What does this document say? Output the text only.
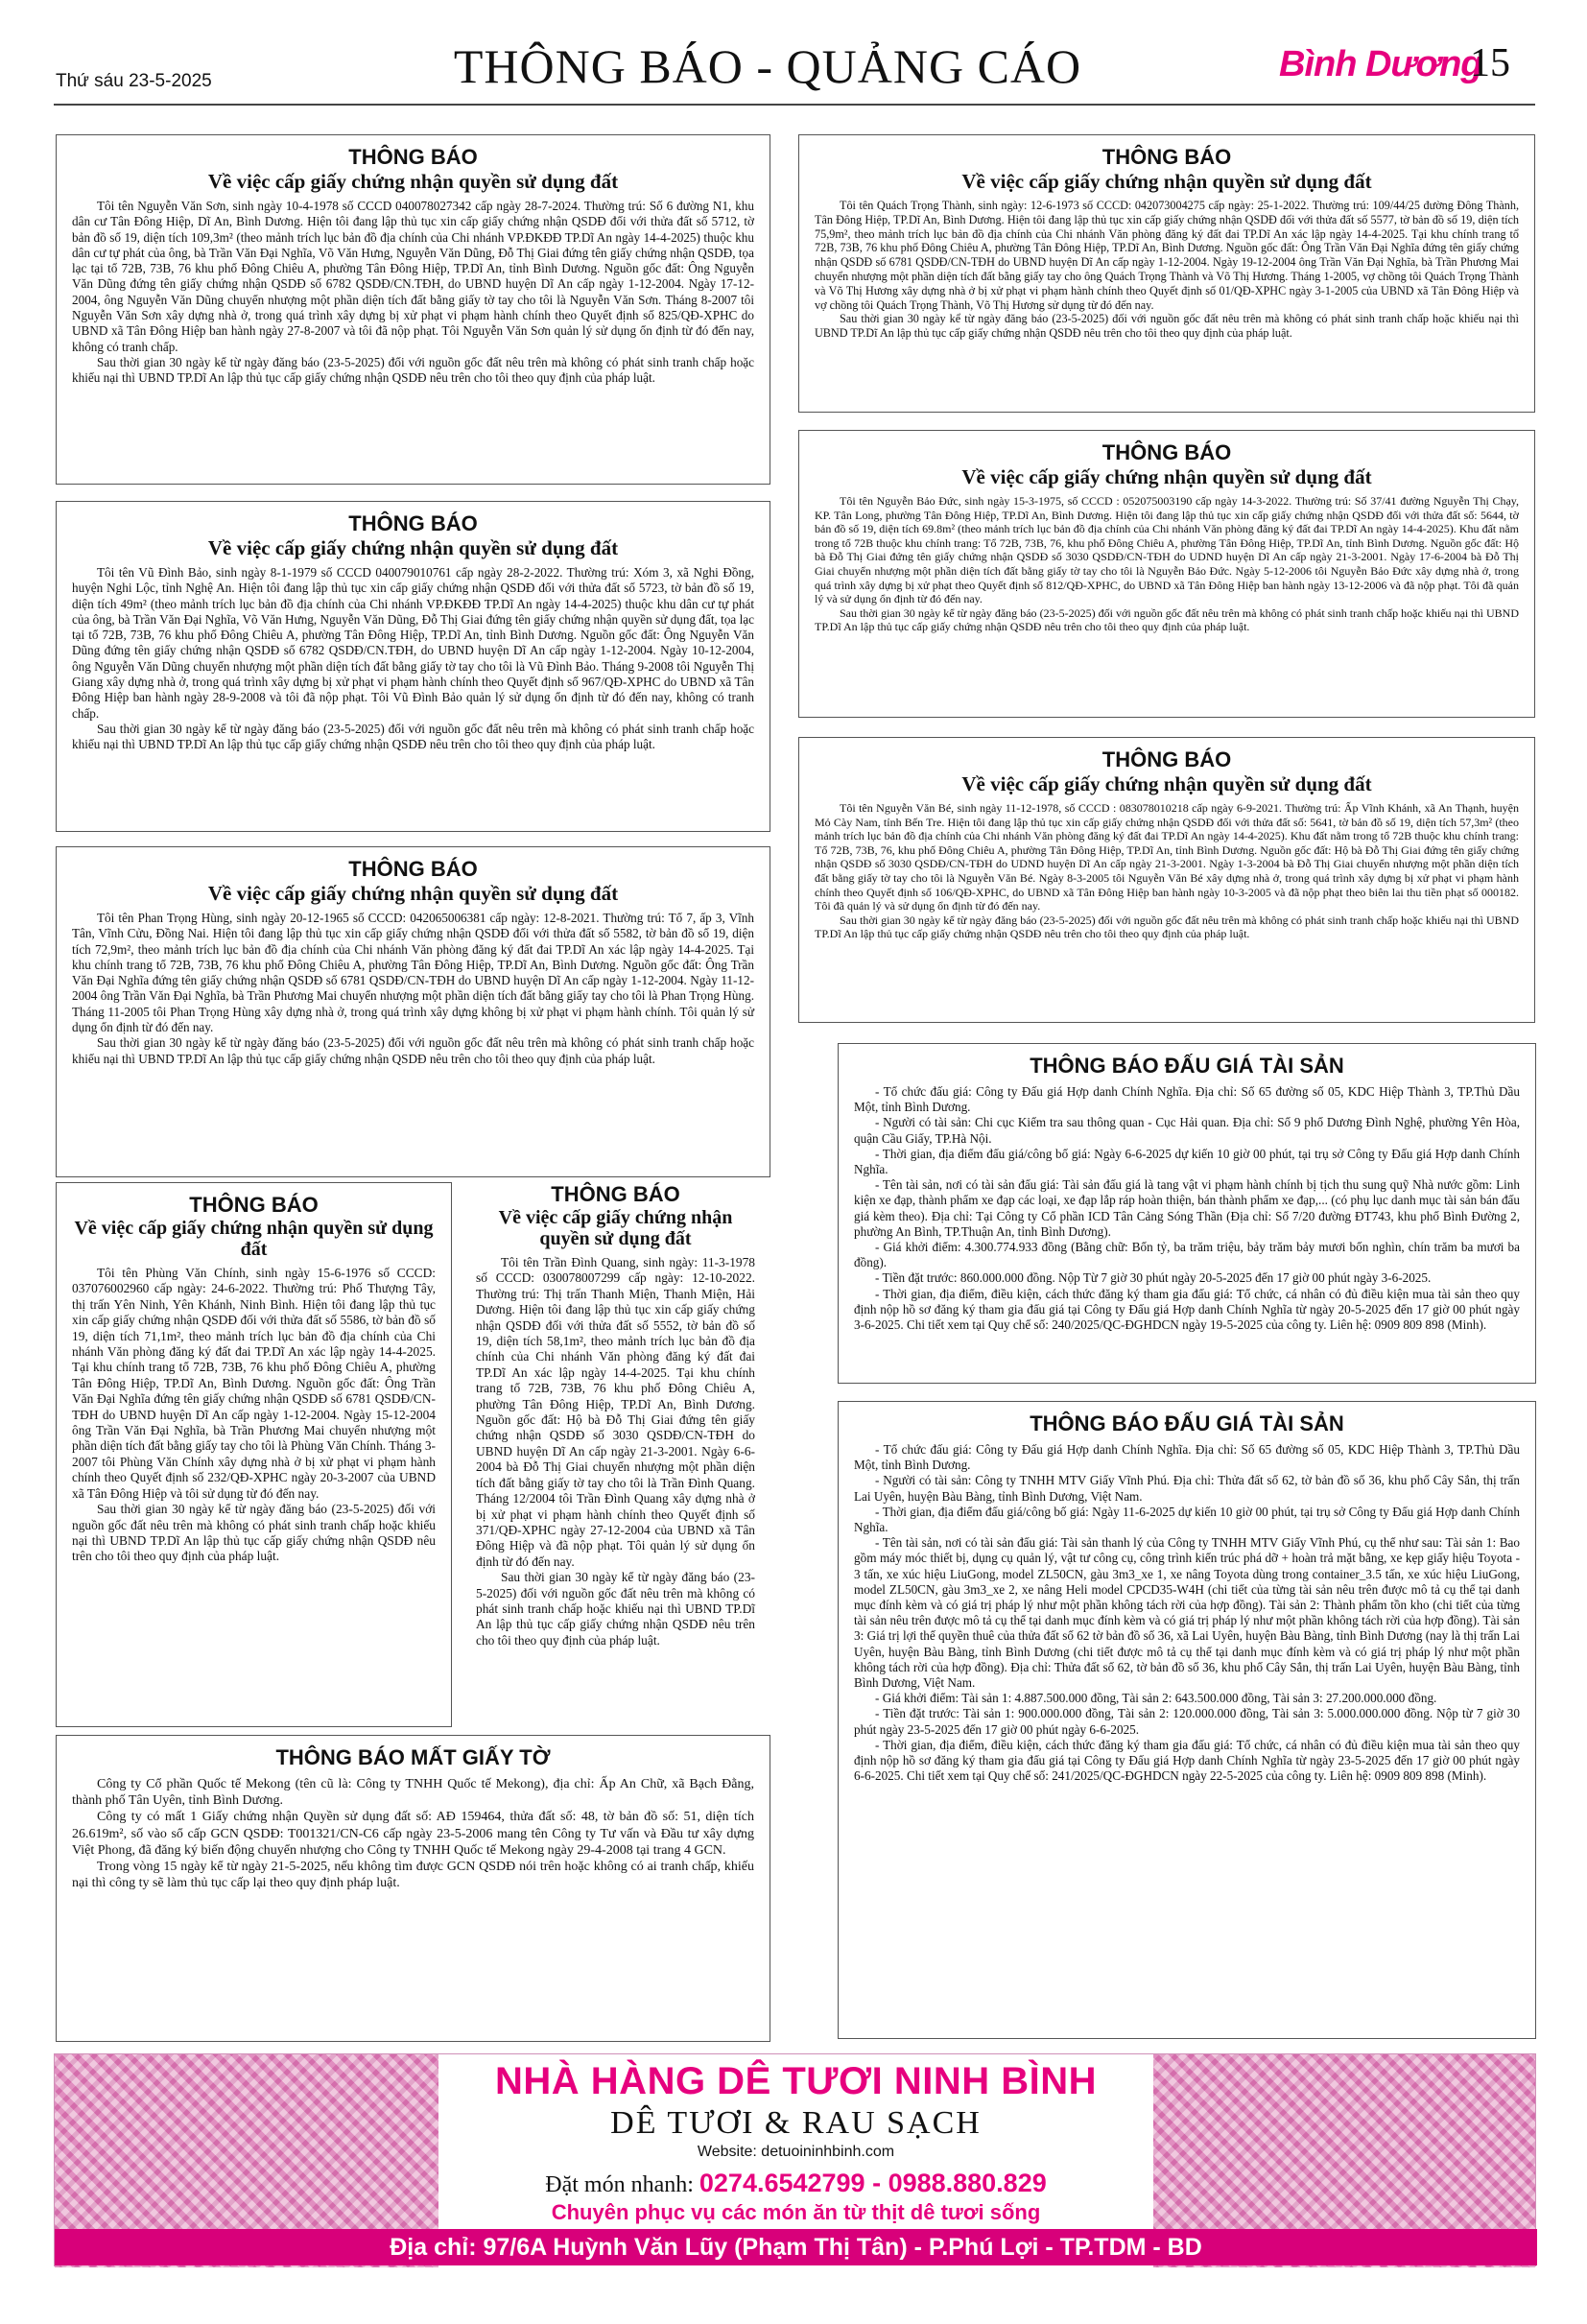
Thứ sáu 23-5-2025	THÔNG BÁO - QUẢNG CÁO	Bình Dương
15
THÔNG BÁO
Về việc cấp giấy chứng nhận quyền sử dụng đất

Tôi tên Nguyễn Văn Sơn, sinh ngày 10-4-1978 số CCCD 040078027342 cấp ngày 28-7-2024. Thường trú: Số 6 đường N1, khu dân cư Tân Đông Hiệp, Dĩ An, Bình Dương. Hiện tôi đang lập thủ tục xin cấp giấy chứng nhận QSDĐ đối với thửa đất số 5712, tờ bản đồ số 19, diện tích 109,3m² (theo mảnh trích lục bản đồ địa chính của Chi nhánh VP.ĐKĐĐ TP.Dĩ An ngày 14-4-2025) thuộc khu dân cư tự phát của ông, bà Trần Văn Đại Nghĩa, Võ Văn Hưng, Nguyễn Văn Dũng, Đỗ Thị Giai đứng tên giấy chứng nhận QSDĐ, tọa lạc tại tổ 72B, 73B, 76 khu phố Đông Chiêu A, phường Tân Đông Hiệp, TP.Dĩ An, tỉnh Bình Dương. Nguồn gốc đất: Ông Nguyễn Văn Dũng đứng tên giấy chứng nhận QSDĐ số 6782 QSDĐ/CN.TĐH, do UBND huyện Dĩ An cấp ngày 1-12-2004. Ngày 17-12-2004, ông Nguyễn Văn Dũng chuyển nhượng một phần diện tích đất bằng giấy tờ tay cho tôi là Nguyễn Văn Sơn. Tháng 8-2007 tôi Nguyễn Văn Sơn xây dựng nhà ở, trong quá trình xây dựng bị xử phạt vi phạm hành chính theo Quyết định số 825/QĐ-XPHC do UBND xã Tân Đông Hiệp ban hành ngày 27-8-2007 và tôi đã nộp phạt. Tôi Nguyễn Văn Sơn quản lý sử dụng ổn định từ đó đến nay, không có tranh chấp.

Sau thời gian 30 ngày kể từ ngày đăng báo (23-5-2025) đối với nguồn gốc đất nêu trên mà không có phát sinh tranh chấp hoặc khiếu nại thì UBND TP.Dĩ An lập thủ tục cấp giấy chứng nhận QSDĐ nêu trên cho tôi theo quy định của pháp luật.

THÔNG BÁO
Về việc cấp giấy chứng nhận quyền sử dụng đất

Tôi tên Vũ Đình Bảo, sinh ngày 8-1-1979 số CCCD 040079010761 cấp ngày 28-2-2022. Thường trú: Xóm 3, xã Nghi Đồng, huyện Nghi Lộc, tỉnh Nghệ An. Hiện tôi đang lập thủ tục xin cấp giấy chứng nhận QSDĐ đối với thửa đất số 5723, tờ bản đồ số 19, diện tích 49m² (theo mảnh trích lục bản đồ địa chính của Chi nhánh VP.ĐKĐĐ TP.Dĩ An ngày 14-4-2025) thuộc khu dân cư tự phát của ông, bà Trần Văn Đại Nghĩa, Võ Văn Hưng, Nguyễn Văn Dũng, Đỗ Thị Giai đứng tên giấy chứng nhận quyền sử dụng đất, tọa lạc tại tổ 72B, 73B, 76 khu phố Đông Chiêu A, phường Tân Đông Hiệp, TP.Dĩ An, tỉnh Bình Dương. Nguồn gốc đất: Ông Nguyễn Văn Dũng đứng tên giấy chứng nhận QSDĐ số 6782 QSDĐ/CN.TĐH, do UBND huyện Dĩ An cấp ngày 1-12-2004. Ngày 10-12-2004, ông Nguyễn Văn Dũng chuyển nhượng một phần diện tích đất bằng giấy tờ tay cho tôi là Vũ Đình Bảo. Tháng 9-2008 tôi Nguyễn Thị Giang xây dựng nhà ở, trong quá trình xây dựng bị xử phạt vi phạm hành chính theo Quyết định số 967/QĐ-XPHC do UBND xã Tân Đông Hiệp ban hành ngày 28-9-2008 và tôi đã nộp phạt. Tôi Vũ Đình Bảo quản lý sử dụng ổn định từ đó đến nay, không có tranh chấp.

Sau thời gian 30 ngày kể từ ngày đăng báo (23-5-2025) đối với nguồn gốc đất nêu trên mà không có phát sinh tranh chấp hoặc khiếu nại thì UBND TP.Dĩ An lập thủ tục cấp giấy chứng nhận QSDĐ nêu trên cho tôi theo quy định của pháp luật.

THÔNG BÁO
Về việc cấp giấy chứng nhận quyền sử dụng đất

Tôi tên Phan Trọng Hùng, sinh ngày 20-12-1965 số CCCD: 042065006381 cấp ngày: 12-8-2021. Thường trú: Tổ 7, ấp 3, Vĩnh Tân, Vĩnh Cửu, Đồng Nai. Hiện tôi đang lập thủ tục xin cấp giấy chứng nhận QSDĐ đối với thửa đất số 5582, tờ bản đồ số 19, diện tích 72,9m², theo mảnh trích lục bản đồ địa chính của Chi nhánh Văn phòng đăng ký đất đai TP.Dĩ An xác lập ngày 14-4-2025. Tại khu chính trang tổ 72B, 73B, 76 khu phố Đông Chiêu A, phường Tân Đông Hiệp, TP.Dĩ An, Bình Dương. Nguồn gốc đất: Ông Trần Văn Đại Nghĩa đứng tên giấy chứng nhận QSDĐ số 6781 QSDĐ/CN-TĐH do UBND huyện Dĩ An cấp ngày 1-12-2004. Ngày 11-12-2004 ông Trần Văn Đại Nghĩa, bà Trần Phương Mai chuyển nhượng một phần diện tích đất bằng giấy tay cho tôi là Phan Trọng Hùng. Tháng 11-2005 tôi Phan Trọng Hùng xây dựng nhà ở, trong quá trình xây dựng không bị xử phạt vi phạm hành chính. Tôi quản lý sử dụng ổn định từ đó đến nay.

Sau thời gian 30 ngày kể từ ngày đăng báo (23-5-2025) đối với nguồn gốc đất nêu trên mà không có phát sinh tranh chấp hoặc khiếu nại thì UBND TP.Dĩ An lập thủ tục cấp giấy chứng nhận QSDĐ nêu trên cho tôi theo quy định của pháp luật.

THÔNG BÁO
Về việc cấp giấy chứng nhận quyền sử dụng đất

Tôi tên Phùng Văn Chính, sinh ngày 15-6-1976 số CCCD: 037076002960 cấp ngày: 24-6-2022. Thường trú: Phố Thượng Tây, thị trấn Yên Ninh, Yên Khánh, Ninh Bình. Hiện tôi đang lập thủ tục xin cấp giấy chứng nhận QSDĐ đối với thửa đất số 5586, tờ bản đồ số 19, diện tích 71,1m², theo mảnh trích lục bản đồ địa chính của Chi nhánh Văn phòng đăng ký đất đai TP.Dĩ An xác lập ngày 14-4-2025. Tại khu chính trang tổ 72B, 73B, 76 khu phố Đông Chiêu A, phường Tân Đông Hiệp, TP.Dĩ An, Bình Dương. Nguồn gốc đất: Ông Trần Văn Đại Nghĩa đứng tên giấy chứng nhận QSDĐ số 6781 QSDĐ/CN-TĐH do UBND huyện Dĩ An cấp ngày 1-12-2004. Ngày 15-12-2004 ông Trần Văn Đại Nghĩa, bà Trần Phương Mai chuyển nhượng một phần diện tích đất bằng giấy tay cho tôi là Phùng Văn Chính. Tháng 3-2007 tôi Phùng Văn Chính xây dựng nhà ở bị xử phạt vi phạm hành chính theo Quyết định số 232/QĐ-XPHC ngày 20-3-2007 của UBND xã Tân Đông Hiệp và tôi sử dụng từ đó đến nay.

Sau thời gian 30 ngày kể từ ngày đăng báo (23-5-2025) đối với nguồn gốc đất nêu trên mà không có phát sinh tranh chấp hoặc khiếu nại thì UBND TP.Dĩ An lập thủ tục cấp giấy chứng nhận QSDĐ nêu trên cho tôi theo quy định của pháp luật.

THÔNG BÁO
Về việc cấp giấy chứng nhận quyền sử dụng đất

Tôi tên Trần Đình Quang, sinh ngày: 11-3-1978 số CCCD: 030078007299 cấp ngày: 12-10-2022. Thường trú: Thị trấn Thanh Miện, Thanh Miện, Hải Dương. Hiện tôi đang lập thủ tục xin cấp giấy chứng nhận QSDĐ đối với thửa đất số 5552, tờ bản đồ số 19, diện tích 58,1m², theo mảnh trích lục bản đồ địa chính của Chi nhánh Văn phòng đăng ký đất đai TP.Dĩ An xác lập ngày 14-4-2025. Tại khu chính trang tổ 72B, 73B, 76 khu phố Đông Chiêu A, phường Tân Đông Hiệp, TP.Dĩ An, Bình Dương. Nguồn gốc đất: Hộ bà Đỗ Thị Giai đứng tên giấy chứng nhận QSDĐ số 3030 QSDĐ/CN-TĐH do UBND huyện Dĩ An cấp ngày 21-3-2001. Ngày 6-6-2004 bà Đỗ Thị Giai chuyển nhượng một phần diện tích đất bằng giấy tờ tay cho tôi là Trần Đình Quang. Tháng 12/2004 tôi Trần Đình Quang xây dựng nhà ở bị xử phạt vi phạm hành chính theo Quyết định số 371/QĐ-XPHC ngày 27-12-2004 của UBND xã Tân Đông Hiệp và đã nộp phạt. Tôi quản lý sử dụng ổn định từ đó đến nay.

Sau thời gian 30 ngày kể từ ngày đăng báo (23-5-2025) đối với nguồn gốc đất nêu trên mà không có phát sinh tranh chấp hoặc khiếu nại thì UBND TP.Dĩ An lập thủ tục cấp giấy chứng nhận QSDĐ nêu trên cho tôi theo quy định của pháp luật.

THÔNG BÁO MẤT GIẤY TỜ

Công ty Cổ phần Quốc tế Mekong (tên cũ là: Công ty TNHH Quốc tế Mekong), địa chỉ: Ấp An Chữ, xã Bạch Đằng, thành phố Tân Uyên, tỉnh Bình Dương.

Công ty có mất 1 Giấy chứng nhận Quyền sử dụng đất số: AĐ 159464, thửa đất số: 48, tờ bản đồ số: 51, diện tích 26.619m², số vào sổ cấp GCN QSDĐ: T001321/CN-C6 cấp ngày 23-5-2006 mang tên Công ty Tư vấn và Đầu tư xây dựng Việt Phong, đã đăng ký biến động chuyển nhượng cho Công ty TNHH Quốc tế Mekong ngày 29-4-2008 tại trang 4 GCN.

Trong vòng 15 ngày kể từ ngày 21-5-2025, nếu không tìm được GCN QSDĐ nói trên hoặc không có ai tranh chấp, khiếu nại thì công ty sẽ làm thủ tục cấp lại theo quy định pháp luật.

THÔNG BÁO
Về việc cấp giấy chứng nhận quyền sử dụng đất

Tôi tên Quách Trọng Thành, sinh ngày: 12-6-1973 số CCCD: 042073004275 cấp ngày: 25-1-2022. Thường trú: 109/44/25 đường Đông Thành, Tân Đông Hiệp, TP.Dĩ An, Bình Dương. Hiện tôi đang lập thủ tục xin cấp giấy chứng nhận QSDĐ đối với thửa đất số 5577, tờ bản đồ số 19, diện tích 75,9m², theo mảnh trích lục bản đồ địa chính của Chi nhánh Văn phòng đăng ký đất đai TP.Dĩ An xác lập ngày 14-4-2025. Tại khu chính trang tổ 72B, 73B, 76 khu phố Đông Chiêu A, phường Tân Đông Hiệp, TP.Dĩ An, Bình Dương. Nguồn gốc đất: Ông Trần Văn Đại Nghĩa đứng tên giấy chứng nhận QSDĐ số 6781 QSDĐ/CN-TĐH do UBND huyện Dĩ An cấp ngày 1-12-2004. Ngày 19-12-2004 ông Trần Văn Đại Nghĩa, bà Trần Phương Mai chuyển nhượng một phần diện tích đất bằng giấy tay cho ông Quách Trọng Thành và Võ Thị Hương. Tháng 1-2005, vợ chồng tôi Quách Trọng Thành và Võ Thị Hương xây dựng nhà ở bị xử phạt vi phạm hành chính theo Quyết định số 01/QĐ-XPHC ngày 3-1-2005 của UBND xã Tân Đông Hiệp và vợ chồng tôi Quách Trọng Thành, Võ Thị Hương sử dụng từ đó đến nay.

Sau thời gian 30 ngày kể từ ngày đăng báo (23-5-2025) đối với nguồn gốc đất nêu trên mà không có phát sinh tranh chấp hoặc khiếu nại thì UBND TP.Dĩ An lập thủ tục cấp giấy chứng nhận QSDĐ nêu trên cho tôi theo quy định của pháp luật.

THÔNG BÁO
Về việc cấp giấy chứng nhận quyền sử dụng đất

Tôi tên Nguyễn Bảo Đức, sinh ngày 15-3-1975, số CCCD : 052075003190 cấp ngày 14-3-2022. Thường trú: Số 37/41 đường Nguyễn Thị Chạy, KP. Tân Long, phường Tân Đông Hiệp, TP.Dĩ An, Bình Dương. Hiện tôi đang lập thủ tục xin cấp giấy chứng nhận QSDĐ đối với thửa đất số: 5644, tờ bản đồ số 19, diện tích 69.8m² (theo mảnh trích lục bản đồ địa chính của Chi nhánh Văn phòng đăng ký đất đai TP.Dĩ An ngày 14-4-2025). Khu đất nằm trong tổ 72B thuộc khu chính trang: Tổ 72B, 73B, 76, khu phố Đông Chiêu A, phường Tân Đông Hiệp, TP.Dĩ An, tỉnh Bình Dương. Nguồn gốc đất: Hộ bà Đỗ Thị Giai đứng tên giấy chứng nhận QSDĐ số 3030 QSDĐ/CN-TĐH do UDND huyện Dĩ An cấp ngày 21-3-2001. Ngày 17-6-2004 bà Đỗ Thị Giai chuyển nhượng một phần diện tích đất bằng giấy tờ tay cho tôi là Nguyễn Bảo Đức. Ngày 5-12-2006 tôi Nguyễn Bảo Đức xây dựng nhà ở, trong quá trình xây dựng bị xử phạt theo Quyết định số 812/QĐ-XPHC, do UBND xã Tân Đông Hiệp ban hành ngày 13-12-2006 và đã nộp phạt. Tôi đã quản lý và sử dụng ổn định từ đó đến nay.

Sau thời gian 30 ngày kể từ ngày đăng báo (23-5-2025) đối với nguồn gốc đất nêu trên mà không có phát sinh tranh chấp hoặc khiếu nại thì UBND TP.Dĩ An lập thủ tục cấp giấy chứng nhận QSDĐ nêu trên cho tôi theo quy định của pháp luật.

THÔNG BÁO
Về việc cấp giấy chứng nhận quyền sử dụng đất

Tôi tên Nguyễn Văn Bé, sinh ngày 11-12-1978, số CCCD : 083078010218 cấp ngày 6-9-2021. Thường trú: Ấp Vĩnh Khánh, xã An Thạnh, huyện Mỏ Cày Nam, tỉnh Bến Tre. Hiện tôi đang lập thủ tục xin cấp giấy chứng nhận QSDĐ đối với thửa đất số: 5641, tờ bản đồ số 19, diện tích 57,3m² (theo mảnh trích lục bản đồ địa chính của Chi nhánh Văn phòng đăng ký đất đai TP.Dĩ An ngày 14-4-2025). Khu đất nằm trong tổ 72B thuộc khu chính trang: Tổ 72B, 73B, 76, khu phố Đông Chiêu A, phường Tân Đông Hiệp, TP.Dĩ An, tỉnh Bình Dương. Nguồn gốc đất: Hộ bà Đỗ Thị Giai đứng tên giấy chứng nhận QSDĐ số 3030 QSDĐ/CN-TĐH do UDND huyện Dĩ An cấp ngày 21-3-2001. Ngày 1-3-2004 bà Đỗ Thị Giai chuyển nhượng một phần diện tích đất bằng giấy tờ tay cho tôi là Nguyễn Văn Bé. Ngày 8-3-2005 tôi Nguyễn Văn Bé xây dựng nhà ở, trong quá trình xây dựng bị xử phạt vi phạm hành chính theo Quyết định số 106/QĐ-XPHC, do UBND xã Tân Đông Hiệp ban hành ngày 10-3-2005 và đã nộp phạt theo biên lai thu tiền phạt số 000182. Tôi đã quản lý và sử dụng ổn định từ đó đến nay.

Sau thời gian 30 ngày kể từ ngày đăng báo (23-5-2025) đối với nguồn gốc đất nêu trên mà không có phát sinh tranh chấp hoặc khiếu nại thì UBND TP.Dĩ An lập thủ tục cấp giấy chứng nhận QSDĐ nêu trên cho tôi theo quy định của pháp luật.

THÔNG BÁO ĐẤU GIÁ TÀI SẢN

- Tổ chức đấu giá: Công ty Đấu giá Hợp danh Chính Nghĩa. Địa chỉ: Số 65 đường số 05, KDC Hiệp Thành 3, TP.Thủ Dầu Một, tỉnh Bình Dương.

- Người có tài sản: Chi cục Kiểm tra sau thông quan - Cục Hải quan. Địa chỉ: Số 9 phố Dương Đình Nghệ, phường Yên Hòa, quận Cầu Giấy, TP.Hà Nội.

- Thời gian, địa điểm đấu giá/công bố giá: Ngày 6-6-2025 dự kiến 10 giờ 00 phút, tại trụ sở Công ty Đấu giá Hợp danh Chính Nghĩa.

- Tên tài sản, nơi có tài sản đấu giá: Tài sản đấu giá là tang vật vi phạm hành chính bị tịch thu sung quỹ Nhà nước gồm: Linh kiện xe đạp, thành phẩm xe đạp các loại, xe đạp lắp ráp hoàn thiện, bán thành phẩm xe đạp,... (có phụ lục danh mục tài sản bán đấu giá kèm theo). Địa chỉ: Tại Công ty Cổ phần ICD Tân Cảng Sóng Thần (Địa chỉ: Số 7/20 đường ĐT743, khu phố Bình Đường 2, phường An Bình, TP.Thuận An, tỉnh Bình Dương).

- Giá khởi điểm: 4.300.774.933 đồng (Bằng chữ: Bốn tỷ, ba trăm triệu, bảy trăm bảy mươi bốn nghìn, chín trăm ba mươi ba đồng).

- Tiền đặt trước: 860.000.000 đồng. Nộp Từ 7 giờ 30 phút ngày 20-5-2025 đến 17 giờ 00 phút ngày 3-6-2025.

- Thời gian, địa điểm, điều kiện, cách thức đăng ký tham gia đấu giá: Tổ chức, cá nhân có đủ điều kiện mua tài sản theo quy định nộp hồ sơ đăng ký tham gia đấu giá tại Công ty Đấu giá Hợp danh Chính Nghĩa từ ngày 20-5-2025 đến 17 giờ 00 phút ngày 3-6-2025. Chi tiết xem tại Quy chế số: 240/2025/QC-ĐGHDCN ngày 19-5-2025 của công ty. Liên hệ: 0909 809 898 (Minh).

THÔNG BÁO ĐẤU GIÁ TÀI SẢN

- Tổ chức đấu giá: Công ty Đấu giá Hợp danh Chính Nghĩa. Địa chỉ: Số 65 đường số 05, KDC Hiệp Thành 3, TP.Thủ Dầu Một, tỉnh Bình Dương.

- Người có tài sản: Công ty TNHH MTV Giấy Vĩnh Phú. Địa chỉ: Thửa đất số 62, tờ bản đồ số 36, khu phố Cây Sắn, thị trấn Lai Uyên, huyện Bàu Bàng, tỉnh Bình Dương, Việt Nam.

- Thời gian, địa điểm đấu giá/công bố giá: Ngày 11-6-2025 dự kiến 10 giờ 00 phút, tại trụ sở Công ty Đấu giá Hợp danh Chính Nghĩa.

- Tên tài sản, nơi có tài sản đấu giá: Tài sản thanh lý của Công ty TNHH MTV Giấy Vĩnh Phú, cụ thể như sau: Tài sản 1: Bao gồm máy móc thiết bị, dụng cụ quản lý, vật tư công cụ, công trình kiến trúc phá dỡ + hoàn trả mặt bằng, xe kẹp giấy hiệu Toyota - 3 tấn, xe xúc hiệu LiuGong, model ZL50CN, gàu 3m3_xe 1, xe nâng Toyota dùng trong container_3.5 tấn, xe xúc hiệu LiuGong, model ZL50CN, gàu 3m3_xe 2, xe nâng Heli model CPCD35-W4H (chi tiết của từng tài sản nêu trên được mô tả cụ thể tại danh mục đính kèm và có giá trị pháp lý như một phần không tách rời của hợp đồng). Tài sản 2: Thành phẩm tồn kho (chi tiết của từng tài sản nêu trên được mô tả cụ thể tại danh mục đính kèm và có giá trị pháp lý như một phần không tách rời của hợp đồng). Tài sản 3: Giá trị lợi thế quyền thuê của thửa đất số 62 tờ bản đồ số 36, xã Lai Uyên, huyện Bàu Bàng, tỉnh Bình Dương (nay là thị trấn Lai Uyên, huyện Bàu Bàng, tỉnh Bình Dương (chi tiết được mô tả cụ thể tại danh mục đính kèm và có giá trị pháp lý như một phần không tách rời của hợp đồng). Địa chỉ: Thửa đất số 62, tờ bản đồ số 36, khu phố Cây Sắn, thị trấn Lai Uyên, huyện Bàu Bàng, tỉnh Bình Dương, Việt Nam.

- Giá khởi điểm: Tài sản 1: 4.887.500.000 đồng, Tài sản 2: 643.500.000 đồng, Tài sản 3: 27.200.000.000 đồng.

- Tiền đặt trước: Tài sản 1: 900.000.000 đồng, Tài sản 2: 120.000.000 đồng, Tài sản 3: 5.000.000.000 đồng. Nộp từ 7 giờ 30 phút ngày 23-5-2025 đến 17 giờ 00 phút ngày 6-6-2025.

- Thời gian, địa điểm, điều kiện, cách thức đăng ký tham gia đấu giá: Tổ chức, cá nhân có đủ điều kiện mua tài sản theo quy định nộp hồ sơ đăng ký tham gia đấu giá tại Công ty Đấu giá Hợp danh Chính Nghĩa từ ngày 23-5-2025 đến 17 giờ 00 phút ngày 6-6-2025. Chi tiết xem tại Quy chế số: 241/2025/QC-ĐGHDCN ngày 22-5-2025 của công ty. Liên hệ: 0909 809 898 (Minh).

NHÀ HÀNG DÊ TƯƠI NINH BÌNH
DÊ TƯƠI & RAU SẠCH
Website: detuoininhbinh.com
Đặt món nhanh: 0274.6542799 - 0988.880.829
Chuyên phục vụ các món ăn từ thịt dê tươi sống
Địa chỉ: 97/6A Huỳnh Văn Lũy (Phạm Thị Tân) - P.Phú Lợi - TP.TDM - BD
